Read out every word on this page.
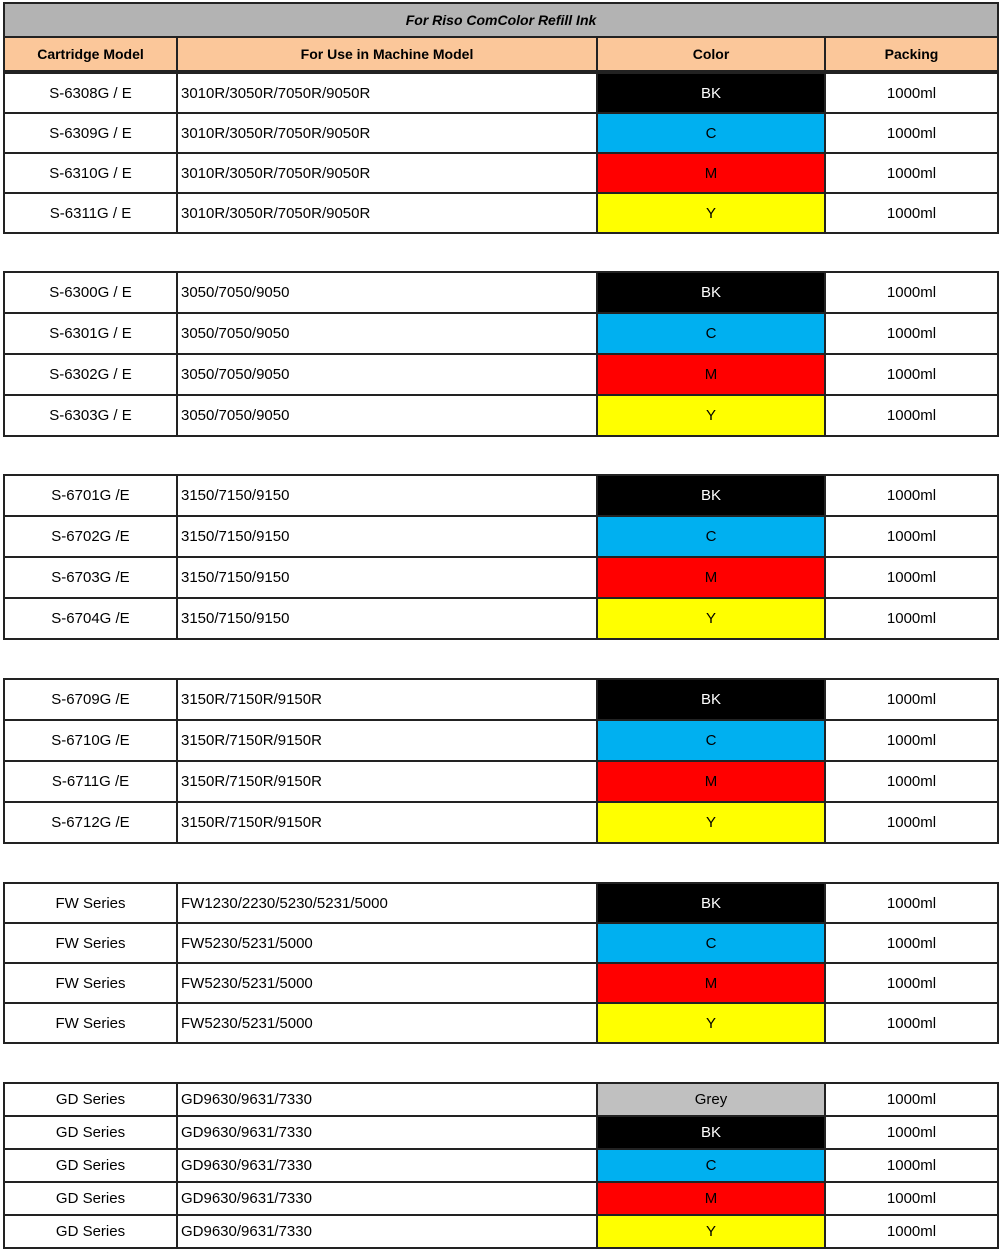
For Riso ComColor Refill Ink
Cartridge Model	For Use in Machine Model	Color	Packing
S-6308G / E	3010R/3050R/7050R/9050R	BK	1000ml
S-6309G / E	3010R/3050R/7050R/9050R	C	1000ml
S-6310G / E	3010R/3050R/7050R/9050R	M	1000ml
S-6311G / E	3010R/3050R/7050R/9050R	Y	1000ml
S-6300G / E	3050/7050/9050	BK	1000ml
S-6301G / E	3050/7050/9050	C	1000ml
S-6302G / E	3050/7050/9050	M	1000ml
S-6303G / E	3050/7050/9050	Y	1000ml
S-6701G /E	3150/7150/9150	BK	1000ml
S-6702G /E	3150/7150/9150	C	1000ml
S-6703G /E	3150/7150/9150	M	1000ml
S-6704G /E	3150/7150/9150	Y	1000ml
S-6709G /E	3150R/7150R/9150R	BK	1000ml
S-6710G /E	3150R/7150R/9150R	C	1000ml
S-6711G /E	3150R/7150R/9150R	M	1000ml
S-6712G /E	3150R/7150R/9150R	Y	1000ml
FW Series	FW1230/2230/5230/5231/5000	BK	1000ml
FW Series	FW5230/5231/5000	C	1000ml
FW Series	FW5230/5231/5000	M	1000ml
FW Series	FW5230/5231/5000	Y	1000ml
GD Series	GD9630/9631/7330	Grey	1000ml
GD Series	GD9630/9631/7330	BK	1000ml
GD Series	GD9630/9631/7330	C	1000ml
GD Series	GD9630/9631/7330	M	1000ml
GD Series	GD9630/9631/7330	Y	1000ml
